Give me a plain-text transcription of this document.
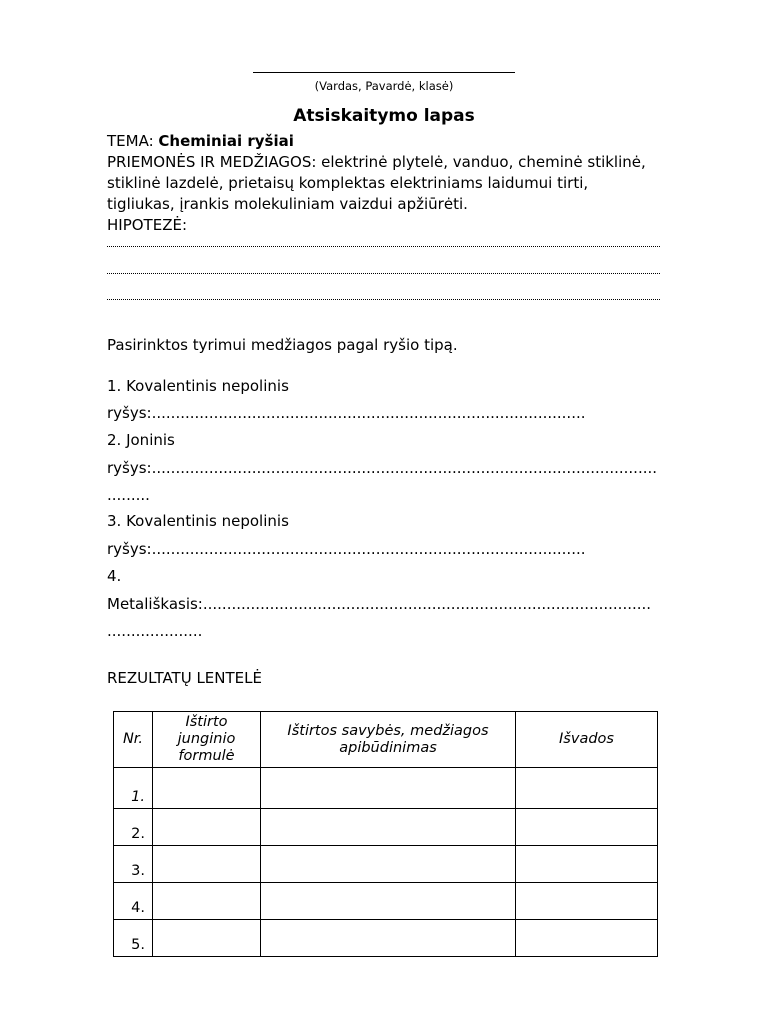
(Vardas, Pavardė, klasė)
Atsiskaitymo lapas
TEMA: Cheminiai ryšiai
PRIEMONĖS IR MEDŽIAGOS: elektrinė plytelė, vanduo, cheminė stiklinė,
stiklinė lazdelė, prietaisų komplektas elektriniams laidumui tirti,
tigliukas, įrankis molekuliniam vaizdui apžiūrėti.
HIPOTEZĖ:
Pasirinktos tyrimui medžiagos pagal ryšio tipą.
1. Kovalentinis nepolinis
ryšys:...........................................................................................
2. Joninis
ryšys:..........................................................................................................
.........
3. Kovalentinis nepolinis
ryšys:...........................................................................................
4.
Metališkasis:..............................................................................................
....................
REZULTATŲ LENTELĖ
Nr.	Ištirto junginio formulė	Ištirtos savybės, medžiagos apibūdinimas	Išvados
1.			
2.			
3.			
4.			
5.			
